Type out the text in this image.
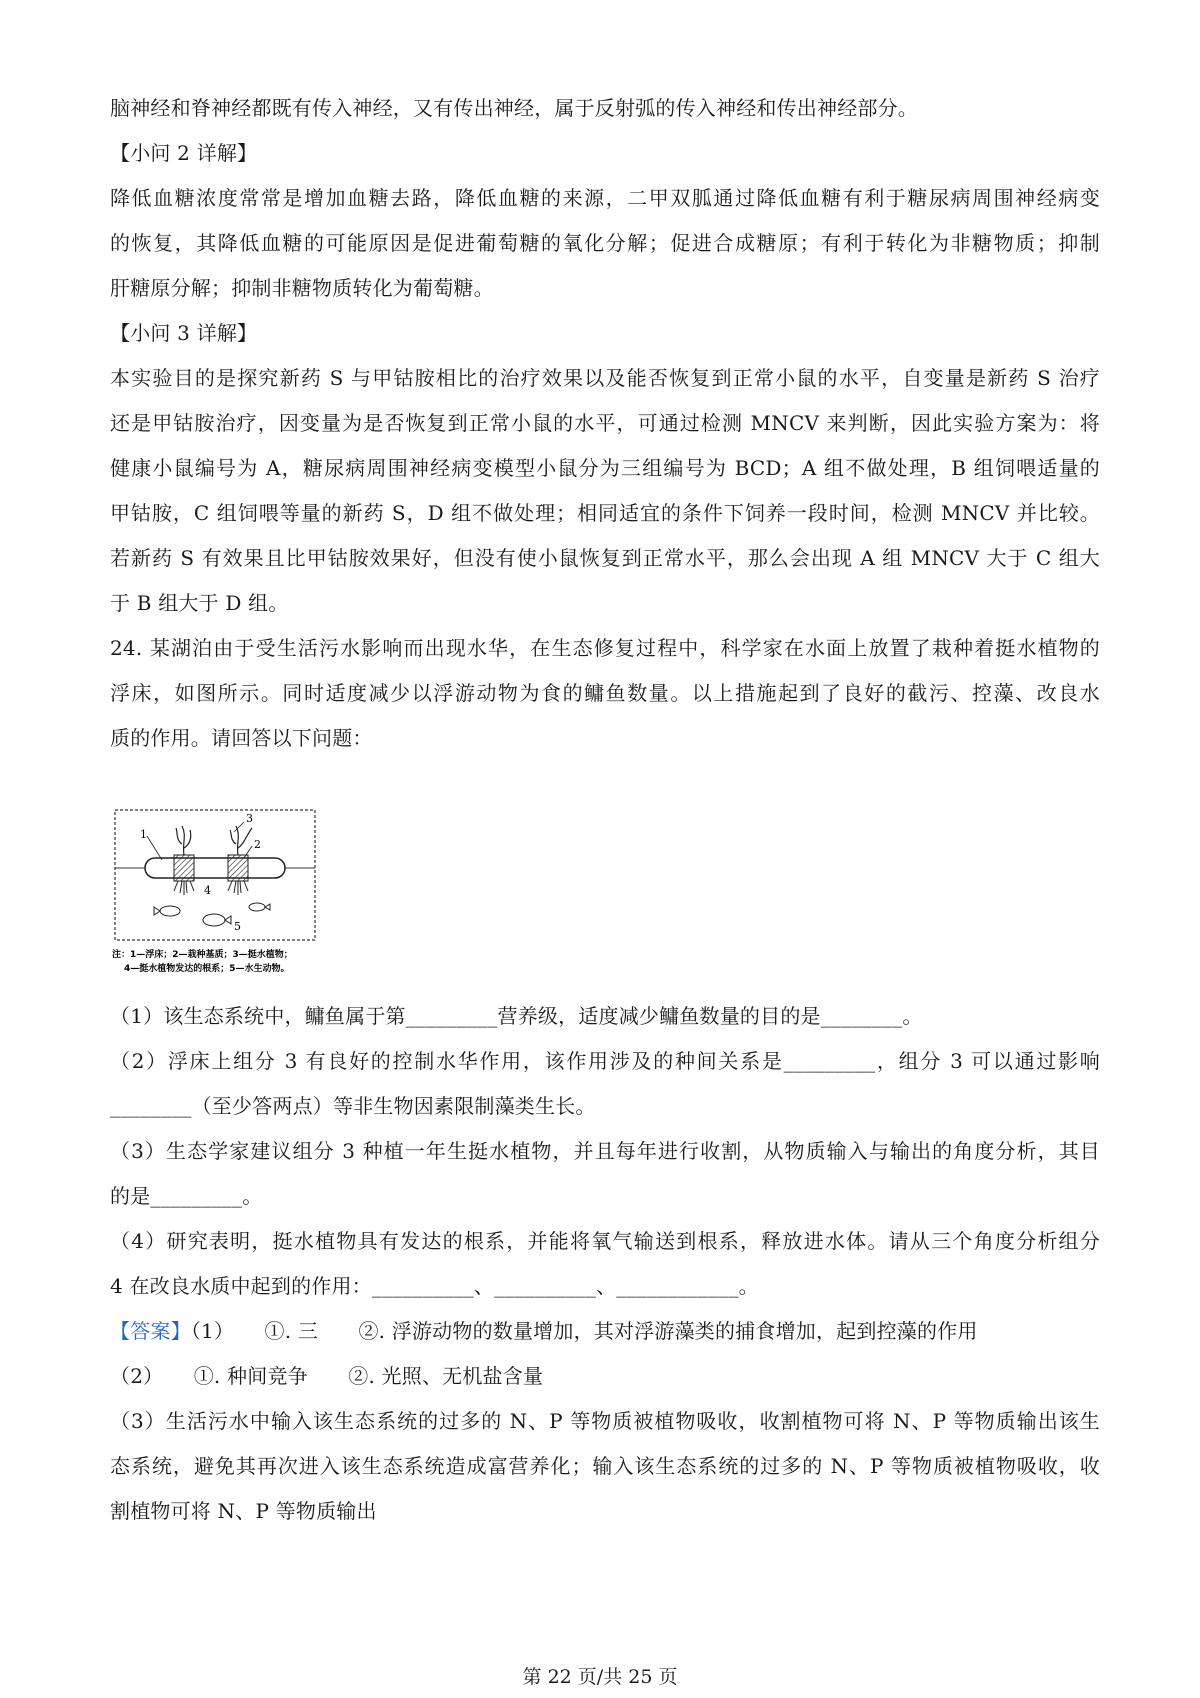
脑神经和脊神经都既有传入神经，又有传出神经，属于反射弧的传入神经和传出神经部分。
【小问 2 详解】
降低血糖浓度常常是增加血糖去路，降低血糖的来源，二甲双胍通过降低血糖有利于糖尿病周围神经病变
的恢复，其降低血糖的可能原因是促进葡萄糖的氧化分解；促进合成糖原；有利于转化为非糖物质；抑制
肝糖原分解；抑制非糖物质转化为葡萄糖。
【小问 3 详解】
本实验目的是探究新药 S 与甲钴胺相比的治疗效果以及能否恢复到正常小鼠的水平，自变量是新药 S 治疗
还是甲钴胺治疗，因变量为是否恢复到正常小鼠的水平，可通过检测 MNCV 来判断，因此实验方案为：将
健康小鼠编号为 A，糖尿病周围神经病变模型小鼠分为三组编号为 BCD；A 组不做处理，B 组饲喂适量的
甲钴胺，C 组饲喂等量的新药 S，D 组不做处理；相同适宜的条件下饲养一段时间，检测 MNCV 并比较。
若新药 S 有效果且比甲钴胺效果好，但没有使小鼠恢复到正常水平，那么会出现 A 组 MNCV 大于 C 组大
于 B 组大于 D 组。
24. 某湖泊由于受生活污水影响而出现水华，在生态修复过程中，科学家在水面上放置了栽种着挺水植物的
浮床，如图所示。同时适度减少以浮游动物为食的鳙鱼数量。以上措施起到了良好的截污、控藻、改良水
质的作用。请回答以下问题：
1
2
3
4
5
注：1—浮床；2—栽种基质；3—挺水植物；
4—挺水植物发达的根系；5—水生动物。
（1）该生态系统中，鳙鱼属于第_________营养级，适度减少鳙鱼数量的目的是________。
（2）浮床上组分 3 有良好的控制水华作用，该作用涉及的种间关系是_________，组分 3 可以通过影响
________（至少答两点）等非生物因素限制藻类生长。
（3）生态学家建议组分 3 种植一年生挺水植物，并且每年进行收割，从物质输入与输出的角度分析，其目
的是_________。
（4）研究表明，挺水植物具有发达的根系，并能将氧气输送到根系，释放进水体。请从三个角度分析组分
4 在改良水质中起到的作用：__________、__________、____________。
【答案】（1）　　①. 三　　②. 浮游动物的数量增加，其对浮游藻类的捕食增加，起到控藻的作用
（2）　　①. 种间竞争　　②. 光照、无机盐含量
（3）生活污水中输入该生态系统的过多的 N、P 等物质被植物吸收，收割植物可将 N、P 等物质输出该生
态系统，避免其再次进入该生态系统造成富营养化；输入该生态系统的过多的 N、P 等物质被植物吸收，收
割植物可将 N、P 等物质输出
第 22 页/共 25 页
